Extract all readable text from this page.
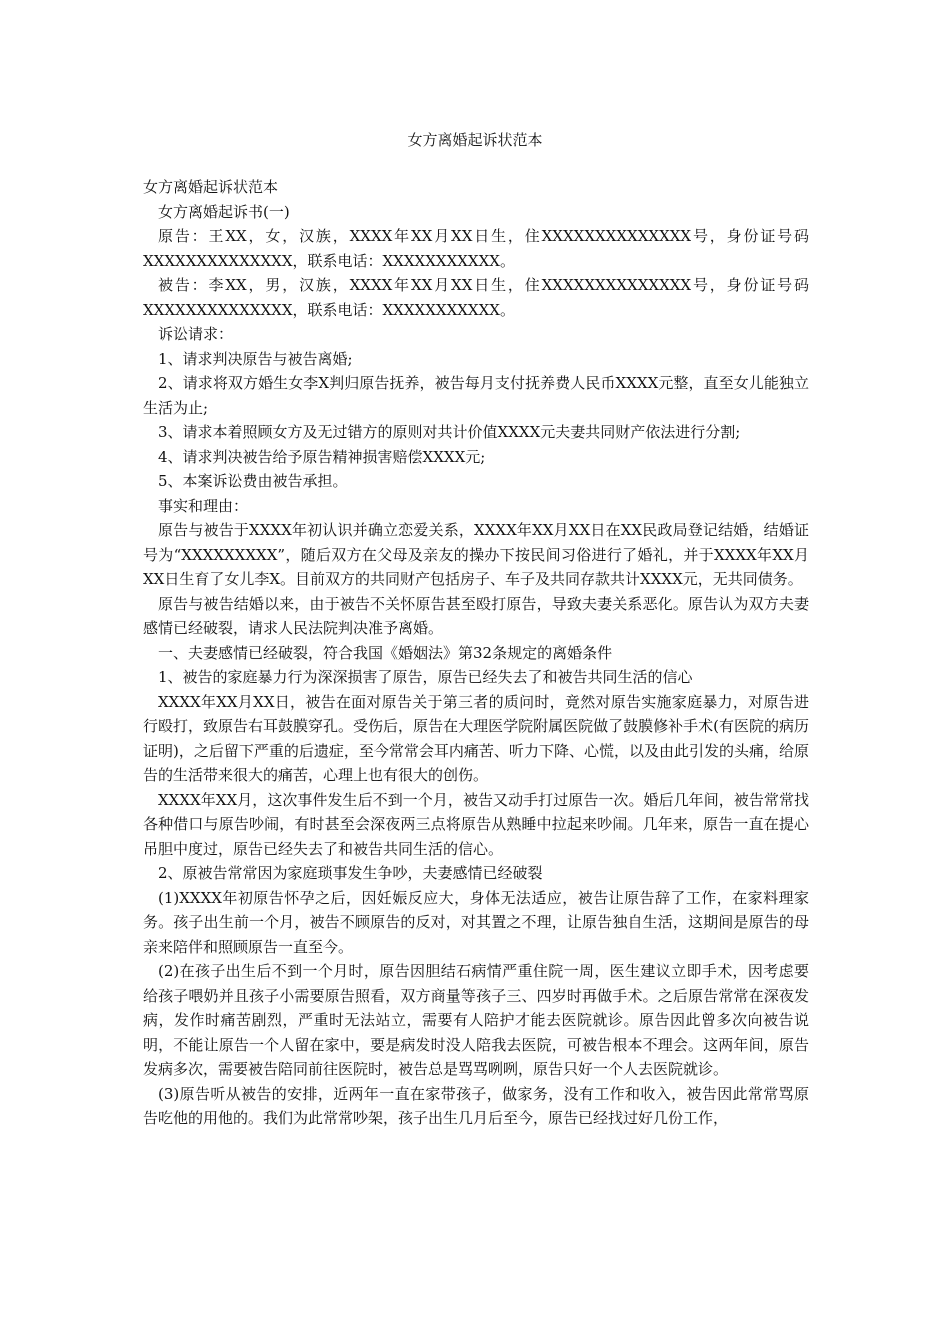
女方离婚起诉状范本

女方离婚起诉状范本

女方离婚起诉书(一)

原告：王XX，女，汉族，XXXX年XX月XX日生，住XXXXXXXXXXXXXX号，身份证号码XXXXXXXXXXXXXX，联系电话：XXXXXXXXXXX。

被告：李XX，男，汉族，XXXX年XX月XX日生，住XXXXXXXXXXXXXX号，身份证号码XXXXXXXXXXXXXX，联系电话：XXXXXXXXXXX。

诉讼请求：

1、请求判决原告与被告离婚;

2、请求将双方婚生女李X判归原告抚养，被告每月支付抚养费人民币XXXX元整，直至女儿能独立生活为止;

3、请求本着照顾女方及无过错方的原则对共计价值XXXX元夫妻共同财产依法进行分割;

4、请求判决被告给予原告精神损害赔偿XXXX元;

5、本案诉讼费由被告承担。

事实和理由：

原告与被告于XXXX年初认识并确立恋爱关系，XXXX年XX月XX日在XX民政局登记结婚，结婚证号为“XXXXXXXXX”，随后双方在父母及亲友的操办下按民间习俗进行了婚礼，并于XXXX年XX月XX日生育了女儿李X。目前双方的共同财产包括房子、车子及共同存款共计XXXX元，无共同债务。

原告与被告结婚以来，由于被告不关怀原告甚至殴打原告，导致夫妻关系恶化。原告认为双方夫妻感情已经破裂，请求人民法院判决准予离婚。

一、夫妻感情已经破裂，符合我国《婚姻法》第32条规定的离婚条件

1、被告的家庭暴力行为深深损害了原告，原告已经失去了和被告共同生活的信心

XXXX年XX月XX日，被告在面对原告关于第三者的质问时，竟然对原告实施家庭暴力，对原告进行殴打，致原告右耳鼓膜穿孔。受伤后，原告在大理医学院附属医院做了鼓膜修补手术(有医院的病历证明)，之后留下严重的后遗症，至今常常会耳内痛苦、听力下降、心慌，以及由此引发的头痛，给原告的生活带来很大的痛苦，心理上也有很大的创伤。

XXXX年XX月，这次事件发生后不到一个月，被告又动手打过原告一次。婚后几年间，被告常常找各种借口与原告吵闹，有时甚至会深夜两三点将原告从熟睡中拉起来吵闹。几年来，原告一直在提心吊胆中度过，原告已经失去了和被告共同生活的信心。

2、原被告常常因为家庭琐事发生争吵，夫妻感情已经破裂

(1)XXXX年初原告怀孕之后，因妊娠反应大，身体无法适应，被告让原告辞了工作，在家料理家务。孩子出生前一个月，被告不顾原告的反对，对其置之不理，让原告独自生活，这期间是原告的母亲来陪伴和照顾原告一直至今。

(2)在孩子出生后不到一个月时，原告因胆结石病情严重住院一周，医生建议立即手术，因考虑要给孩子喂奶并且孩子小需要原告照看，双方商量等孩子三、四岁时再做手术。之后原告常常在深夜发病，发作时痛苦剧烈，严重时无法站立，需要有人陪护才能去医院就诊。原告因此曾多次向被告说明，不能让原告一个人留在家中，要是病发时没人陪我去医院，可被告根本不理会。这两年间，原告发病多次，需要被告陪同前往医院时，被告总是骂骂咧咧，原告只好一个人去医院就诊。

(3)原告听从被告的安排，近两年一直在家带孩子，做家务，没有工作和收入，被告因此常常骂原告吃他的用他的。我们为此常常吵架，孩子出生几月后至今，原告已经找过好几份工作，
